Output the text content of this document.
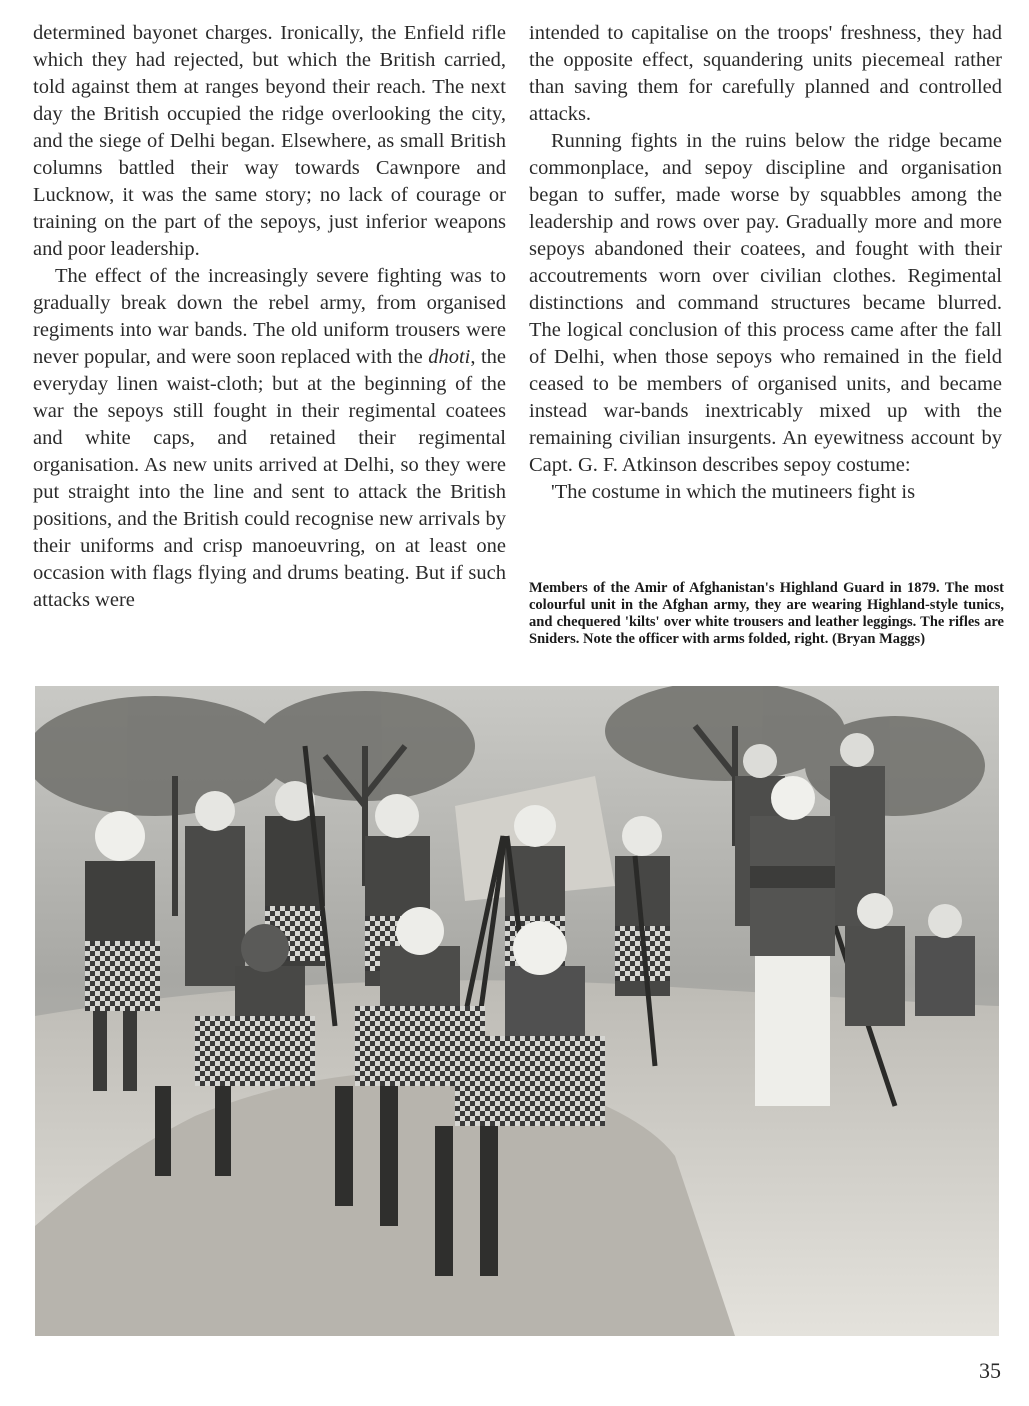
determined bayonet charges. Ironically, the Enfield rifle which they had rejected, but which the British carried, told against them at ranges beyond their reach. The next day the British occupied the ridge overlooking the city, and the siege of Delhi began. Elsewhere, as small British columns battled their way towards Cawnpore and Lucknow, it was the same story; no lack of courage or training on the part of the sepoys, just inferior weapons and poor leadership.

The effect of the increasingly severe fighting was to gradually break down the rebel army, from organised regiments into war bands. The old uniform trousers were never popular, and were soon replaced with the dhoti, the everyday linen waist-cloth; but at the beginning of the war the sepoys still fought in their regimental coatees and white caps, and retained their regimental organisation. As new units arrived at Delhi, so they were put straight into the line and sent to attack the British positions, and the British could recognise new arrivals by their uniforms and crisp manoeuvring, on at least one occasion with flags flying and drums beating. But if such attacks were

intended to capitalise on the troops' freshness, they had the opposite effect, squandering units piecemeal rather than saving them for carefully planned and controlled attacks.

Running fights in the ruins below the ridge became commonplace, and sepoy discipline and organisation began to suffer, made worse by squabbles among the leadership and rows over pay. Gradually more and more sepoys abandoned their coatees, and fought with their accoutrements worn over civilian clothes. Regimental distinctions and command structures became blurred. The logical conclusion of this process came after the fall of Delhi, when those sepoys who remained in the field ceased to be members of organised units, and became instead war-bands inextricably mixed up with the remaining civilian insurgents. An eyewitness account by Capt. G. F. Atkinson describes sepoy costume:

'The costume in which the mutineers fight is

Members of the Amir of Afghanistan's Highland Guard in 1879. The most colourful unit in the Afghan army, they are wearing Highland-style tunics, and chequered 'kilts' over white trousers and leather leggings. The rifles are Sniders. Note the officer with arms folded, right. (Bryan Maggs)
35
